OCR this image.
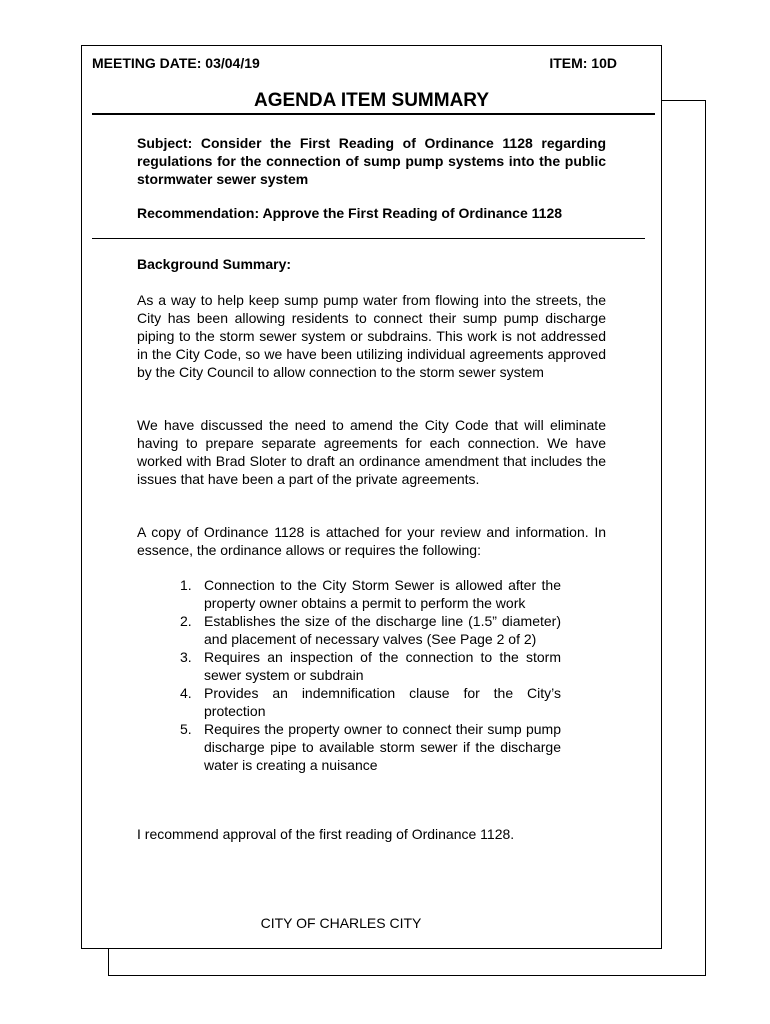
MEETING DATE: 03/04/19	ITEM: 10D
AGENDA ITEM SUMMARY
Subject: Consider the First Reading of Ordinance 1128 regarding regulations for the connection of sump pump systems into the public stormwater sewer system
Recommendation: Approve the First Reading of Ordinance 1128
Background Summary:
As a way to help keep sump pump water from flowing into the streets, the City has been allowing residents to connect their sump pump discharge piping to the storm sewer system or subdrains. This work is not addressed in the City Code, so we have been utilizing individual agreements approved by the City Council to allow connection to the storm sewer system
We have discussed the need to amend the City Code that will eliminate having to prepare separate agreements for each connection. We have worked with Brad Sloter to draft an ordinance amendment that includes the issues that have been a part of the private agreements.
A copy of Ordinance 1128 is attached for your review and information. In essence, the ordinance allows or requires the following:
1. Connection to the City Storm Sewer is allowed after the property owner obtains a permit to perform the work
2. Establishes the size of the discharge line (1.5” diameter) and placement of necessary valves (See Page 2 of 2)
3. Requires an inspection of the connection to the storm sewer system or subdrain
4. Provides an indemnification clause for the City’s protection
5. Requires the property owner to connect their sump pump discharge pipe to available storm sewer if the discharge water is creating a nuisance
I recommend approval of the first reading of Ordinance 1128.
CITY OF CHARLES CITY
